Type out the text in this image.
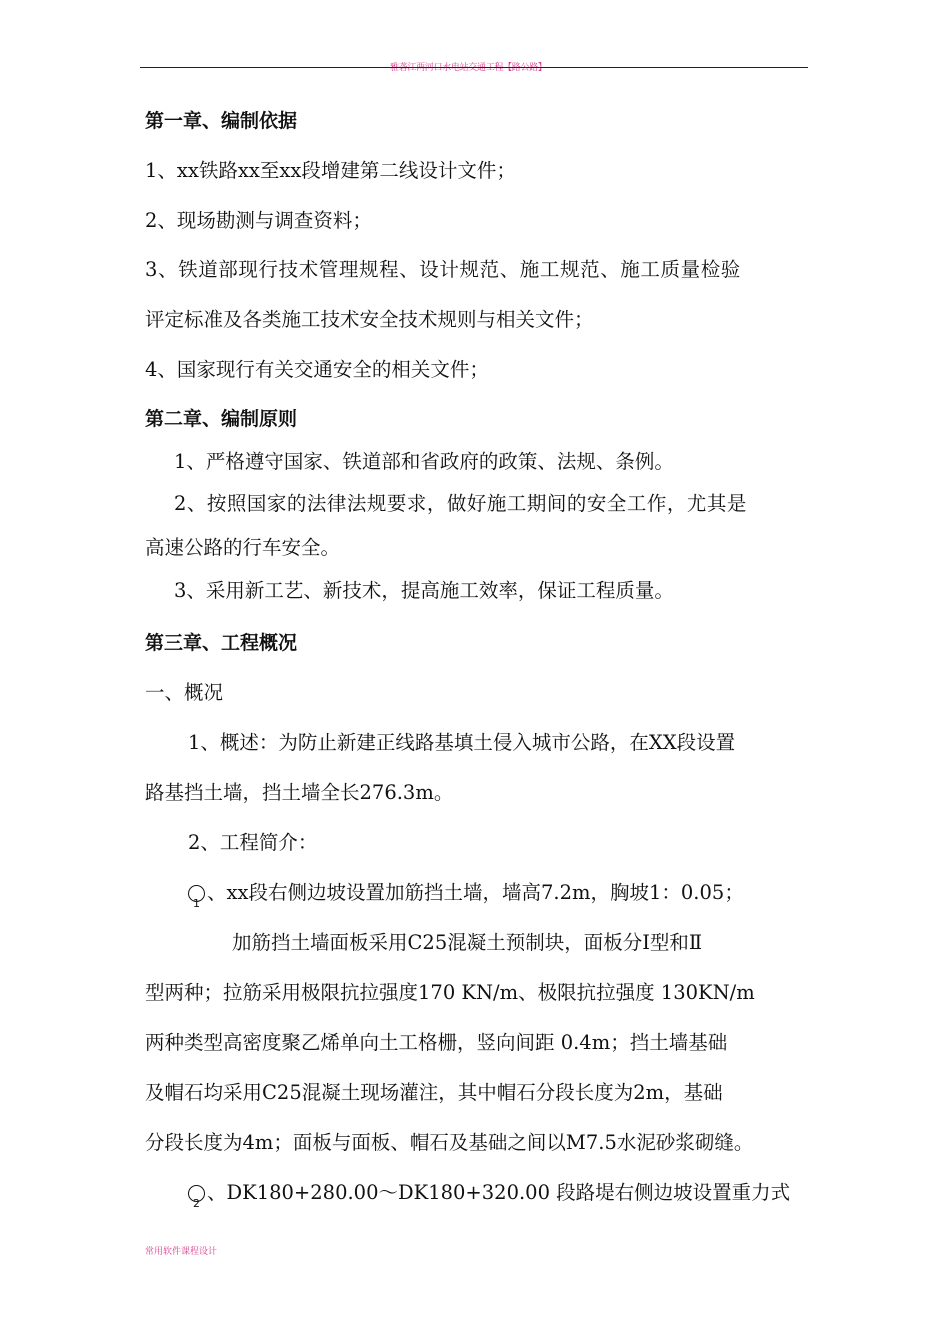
雅砻江两河口水电站交通工程【路公路】
第一章、编制依据
1、xx铁路xx至xx段增建第二线设计文件；
2、现场勘测与调查资料；
3、铁道部现行技术管理规程、设计规范、施工规范、施工质量检验
评定标准及各类施工技术安全技术规则与相关文件；
4、国家现行有关交通安全的相关文件；
第二章、编制原则
1、严格遵守国家、铁道部和省政府的政策、法规、条例。
2、按照国家的法律法规要求，做好施工期间的安全工作，尤其是
高速公路的行车安全。
3、采用新工艺、新技术，提高施工效率，保证工程质量。
第三章、工程概况
一、概况
1、概述：为防止新建正线路基填土侵入城市公路，在XX段设置
路基挡土墙，挡土墙全长276.3m。
2、工程简介：
1 、xx段右侧边坡设置加筋挡土墙，墙高7.2m，胸坡1：0.05；
加筋挡土墙面板采用C25混凝土预制块，面板分Ⅰ型和Ⅱ
型两种；拉筋采用极限抗拉强度170 KN/m、极限抗拉强度 130KN/m
两种类型高密度聚乙烯单向土工格栅，竖向间距 0.4m；挡土墙基础
及帽石均采用C25混凝土现场灌注，其中帽石分段长度为2m，基础
分段长度为4m；面板与面板、帽石及基础之间以M7.5水泥砂浆砌缝。
2 、DK180+280.00～DK180+320.00 段路堤右侧边坡设置重力式
常用软件课程设计
